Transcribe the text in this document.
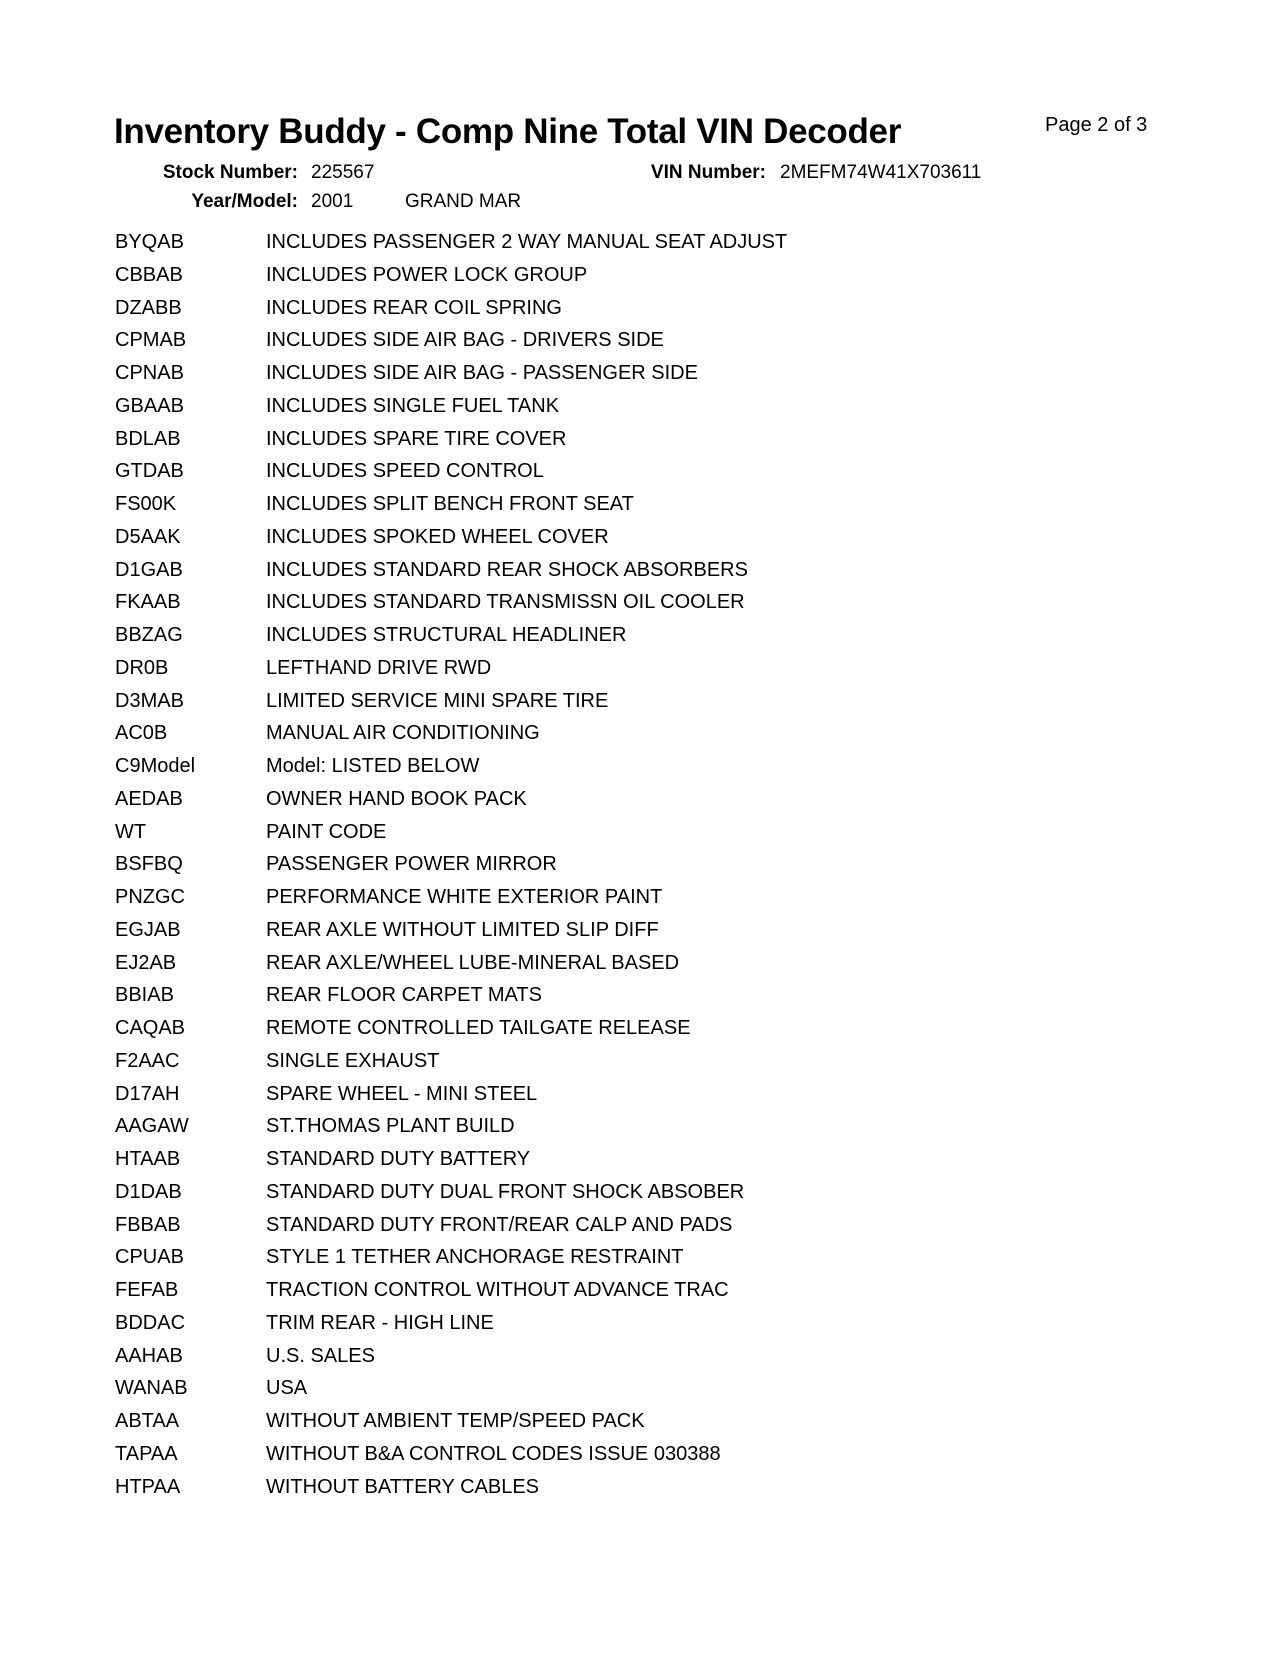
Page 2 of 3
Inventory Buddy - Comp Nine Total VIN Decoder
Stock Number: 225567	VIN Number: 2MEFM74W41X703611
Year/Model: 2001	GRAND MAR
BYQAB	INCLUDES PASSENGER 2 WAY MANUAL SEAT ADJUST
CBBAB	INCLUDES POWER LOCK GROUP
DZABB	INCLUDES REAR COIL SPRING
CPMAB	INCLUDES SIDE AIR BAG - DRIVERS SIDE
CPNAB	INCLUDES SIDE AIR BAG - PASSENGER SIDE
GBAAB	INCLUDES SINGLE FUEL TANK
BDLAB	INCLUDES SPARE TIRE COVER
GTDAB	INCLUDES SPEED CONTROL
FS00K	INCLUDES SPLIT BENCH FRONT SEAT
D5AAK	INCLUDES SPOKED WHEEL COVER
D1GAB	INCLUDES STANDARD REAR SHOCK ABSORBERS
FKAAB	INCLUDES STANDARD TRANSMISSN OIL COOLER
BBZAG	INCLUDES STRUCTURAL HEADLINER
DR0B	LEFTHAND DRIVE RWD
D3MAB	LIMITED SERVICE MINI SPARE TIRE
AC0B	MANUAL AIR CONDITIONING
C9Model	Model: LISTED BELOW
AEDAB	OWNER HAND BOOK PACK
WT	PAINT CODE
BSFBQ	PASSENGER POWER MIRROR
PNZGC	PERFORMANCE WHITE EXTERIOR PAINT
EGJAB	REAR AXLE WITHOUT LIMITED SLIP DIFF
EJ2AB	REAR AXLE/WHEEL LUBE-MINERAL BASED
BBIAB	REAR FLOOR CARPET MATS
CAQAB	REMOTE CONTROLLED TAILGATE RELEASE
F2AAC	SINGLE EXHAUST
D17AH	SPARE WHEEL - MINI STEEL
AAGAW	ST.THOMAS PLANT BUILD
HTAAB	STANDARD DUTY BATTERY
D1DAB	STANDARD DUTY DUAL FRONT SHOCK ABSOBER
FBBAB	STANDARD DUTY FRONT/REAR CALP AND PADS
CPUAB	STYLE 1 TETHER ANCHORAGE RESTRAINT
FEFAB	TRACTION CONTROL WITHOUT ADVANCE TRAC
BDDAC	TRIM REAR - HIGH LINE
AAHAB	U.S. SALES
WANAB	USA
ABTAA	WITHOUT AMBIENT TEMP/SPEED PACK
TAPAA	WITHOUT B&A CONTROL CODES ISSUE 030388
HTPAA	WITHOUT BATTERY CABLES
